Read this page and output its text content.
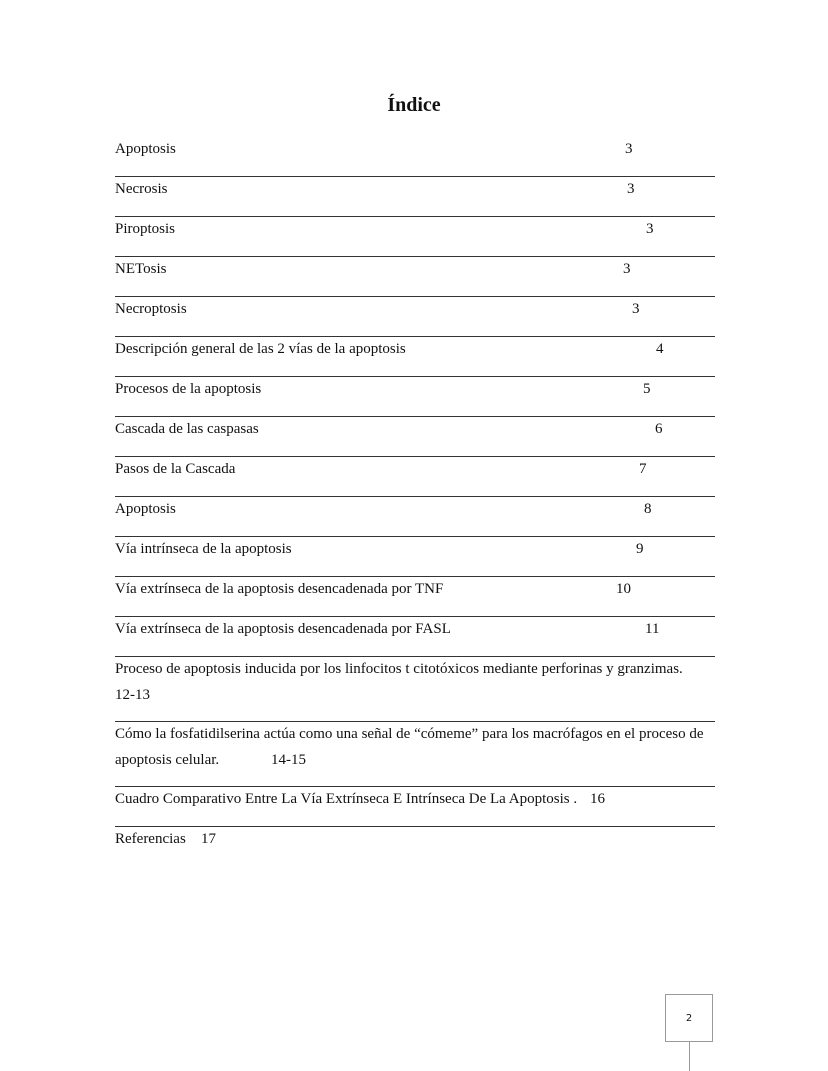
Índice
Apoptosis	3
Necrosis	3
Piroptosis	3
NETosis	3
Necroptosis	3
Descripción general de las 2 vías de la apoptosis	4
Procesos de la apoptosis	5
Cascada de las caspasas	6
Pasos de la Cascada	7
Apoptosis	8
Vía intrínseca de la apoptosis	9
Vía extrínseca de la apoptosis desencadenada por TNF	10
Vía extrínseca de la apoptosis desencadenada por FASL	11
Proceso de apoptosis inducida por los linfocitos t citotóxicos mediante perforinas y granzimas.
12-13
Cómo la fosfatidilserina actúa como una señal de “cómeme” para los macrófagos en el proceso de
apoptosis celular.	14-15
Cuadro Comparativo Entre La Vía Extrínseca E Intrínseca De La Apoptosis . 16
Referencias 17
2
